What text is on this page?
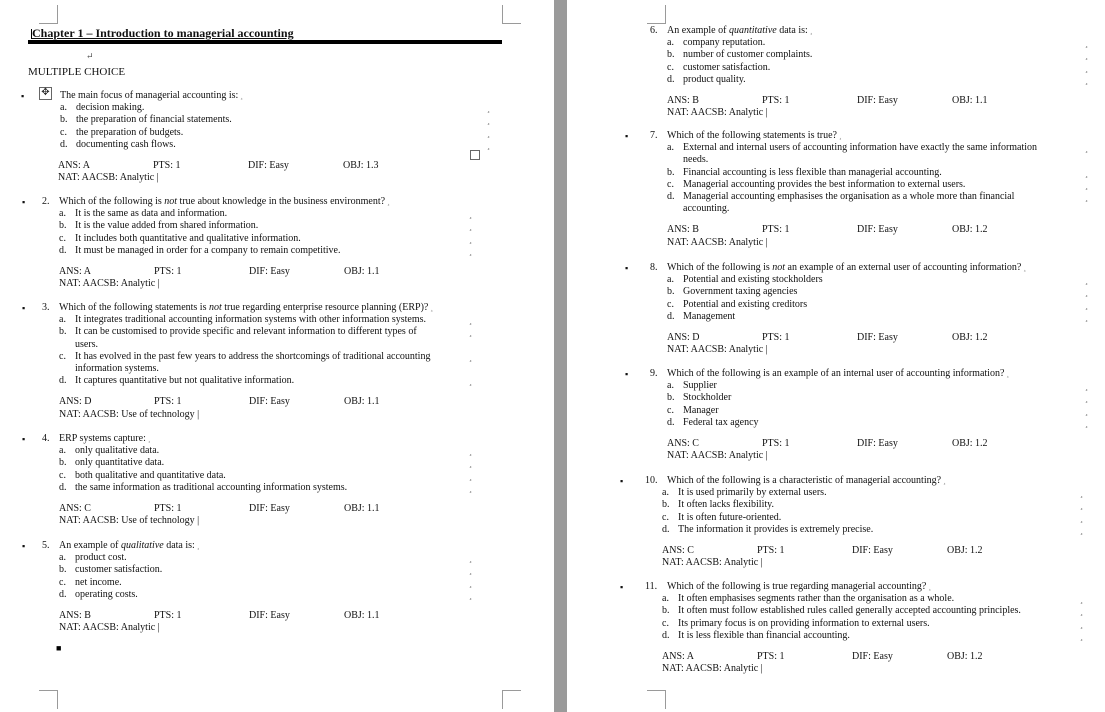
Chapter 1 – Introduction to managerial accounting
↵
MULTIPLE CHOICE
✥
■
▪	The main focus of managerial accounting is: ¸
a. decision making.	¸
b. the preparation of financial statements.	¸
c. the preparation of budgets.	¸
d. documenting cash flows.	¸
ANS: A	PTS: 1	DIF: Easy	OBJ: 1.3
NAT: AACSB: Analytic |
▪ 2. Which of the following is not true about knowledge in the business environment? ¸
a. It is the same as data and information.	¸
b. It is the value added from shared information.	¸
c. It includes both quantitative and qualitative information.	¸
d. It must be managed in order for a company to remain competitive.	¸
ANS: A	PTS: 1	DIF: Easy	OBJ: 1.1
NAT: AACSB: Analytic |
▪ 3. Which of the following statements is not true regarding enterprise resource planning (ERP)? ¸
a. It integrates traditional accounting information systems with other information systems.	¸
b. It can be customised to provide specific and relevant information to different types of
users.
¸
c. It has evolved in the past few years to address the shortcomings of traditional accounting
information systems.
¸
d. It captures quantitative but not qualitative information.	¸
ANS: D	PTS: 1	DIF: Easy	OBJ: 1.1
NAT: AACSB: Use of technology |
▪ 4. ERP systems capture: ¸
a. only qualitative data.	¸
b. only quantitative data.	¸
c. both qualitative and quantitative data.	¸
d. the same information as traditional accounting information systems.	¸
ANS: C	PTS: 1	DIF: Easy	OBJ: 1.1
NAT: AACSB: Use of technology |
▪ 5. An example of qualitative data is: ¸
a. product cost.	¸
b. customer satisfaction.	¸
c. net income.	¸
d. operating costs.	¸
ANS: B	PTS: 1	DIF: Easy	OBJ: 1.1
NAT: AACSB: Analytic |
6. An example of quantitative data is: ¸
a. company reputation.	¸
b. number of customer complaints.	¸
c. customer satisfaction.	¸
d. product quality.	¸
ANS: B	PTS: 1	DIF: Easy	OBJ: 1.1
NAT: AACSB: Analytic |
▪ 7. Which of the following statements is true? ¸
a. External and internal users of accounting information have exactly the same information
needs.
¸
b. Financial accounting is less flexible than managerial accounting.	¸
c. Managerial accounting provides the best information to external users.	¸
d. Managerial accounting emphasises the organisation as a whole more than financial
accounting.
¸
ANS: B	PTS: 1	DIF: Easy	OBJ: 1.2
NAT: AACSB: Analytic |
▪ 8. Which of the following is not an example of an external user of accounting information? ¸
a. Potential and existing stockholders	¸
b. Government taxing agencies	¸
c. Potential and existing creditors	¸
d. Management	¸
ANS: D	PTS: 1	DIF: Easy	OBJ: 1.2
NAT: AACSB: Analytic |
▪ 9. Which of the following is an example of an internal user of accounting information? ¸
a. Supplier	¸
b. Stockholder	¸
c. Manager	¸
d. Federal tax agency	¸
ANS: C	PTS: 1	DIF: Easy	OBJ: 1.2
NAT: AACSB: Analytic |
▪ 10. Which of the following is a characteristic of managerial accounting? ¸
a. It is used primarily by external users.	¸
b. It often lacks flexibility.	¸
c. It is often future-oriented.	¸
d. The information it provides is extremely precise.	¸
ANS: C	PTS: 1	DIF: Easy	OBJ: 1.2
NAT: AACSB: Analytic |
▪ 11. Which of the following is true regarding managerial accounting? ¸
a. It often emphasises segments rather than the organisation as a whole.	¸
b. It often must follow established rules called generally accepted accounting principles.	¸
c. Its primary focus is on providing information to external users.	¸
d. It is less flexible than financial accounting.	¸
ANS: A	PTS: 1	DIF: Easy	OBJ: 1.2
NAT: AACSB: Analytic |
